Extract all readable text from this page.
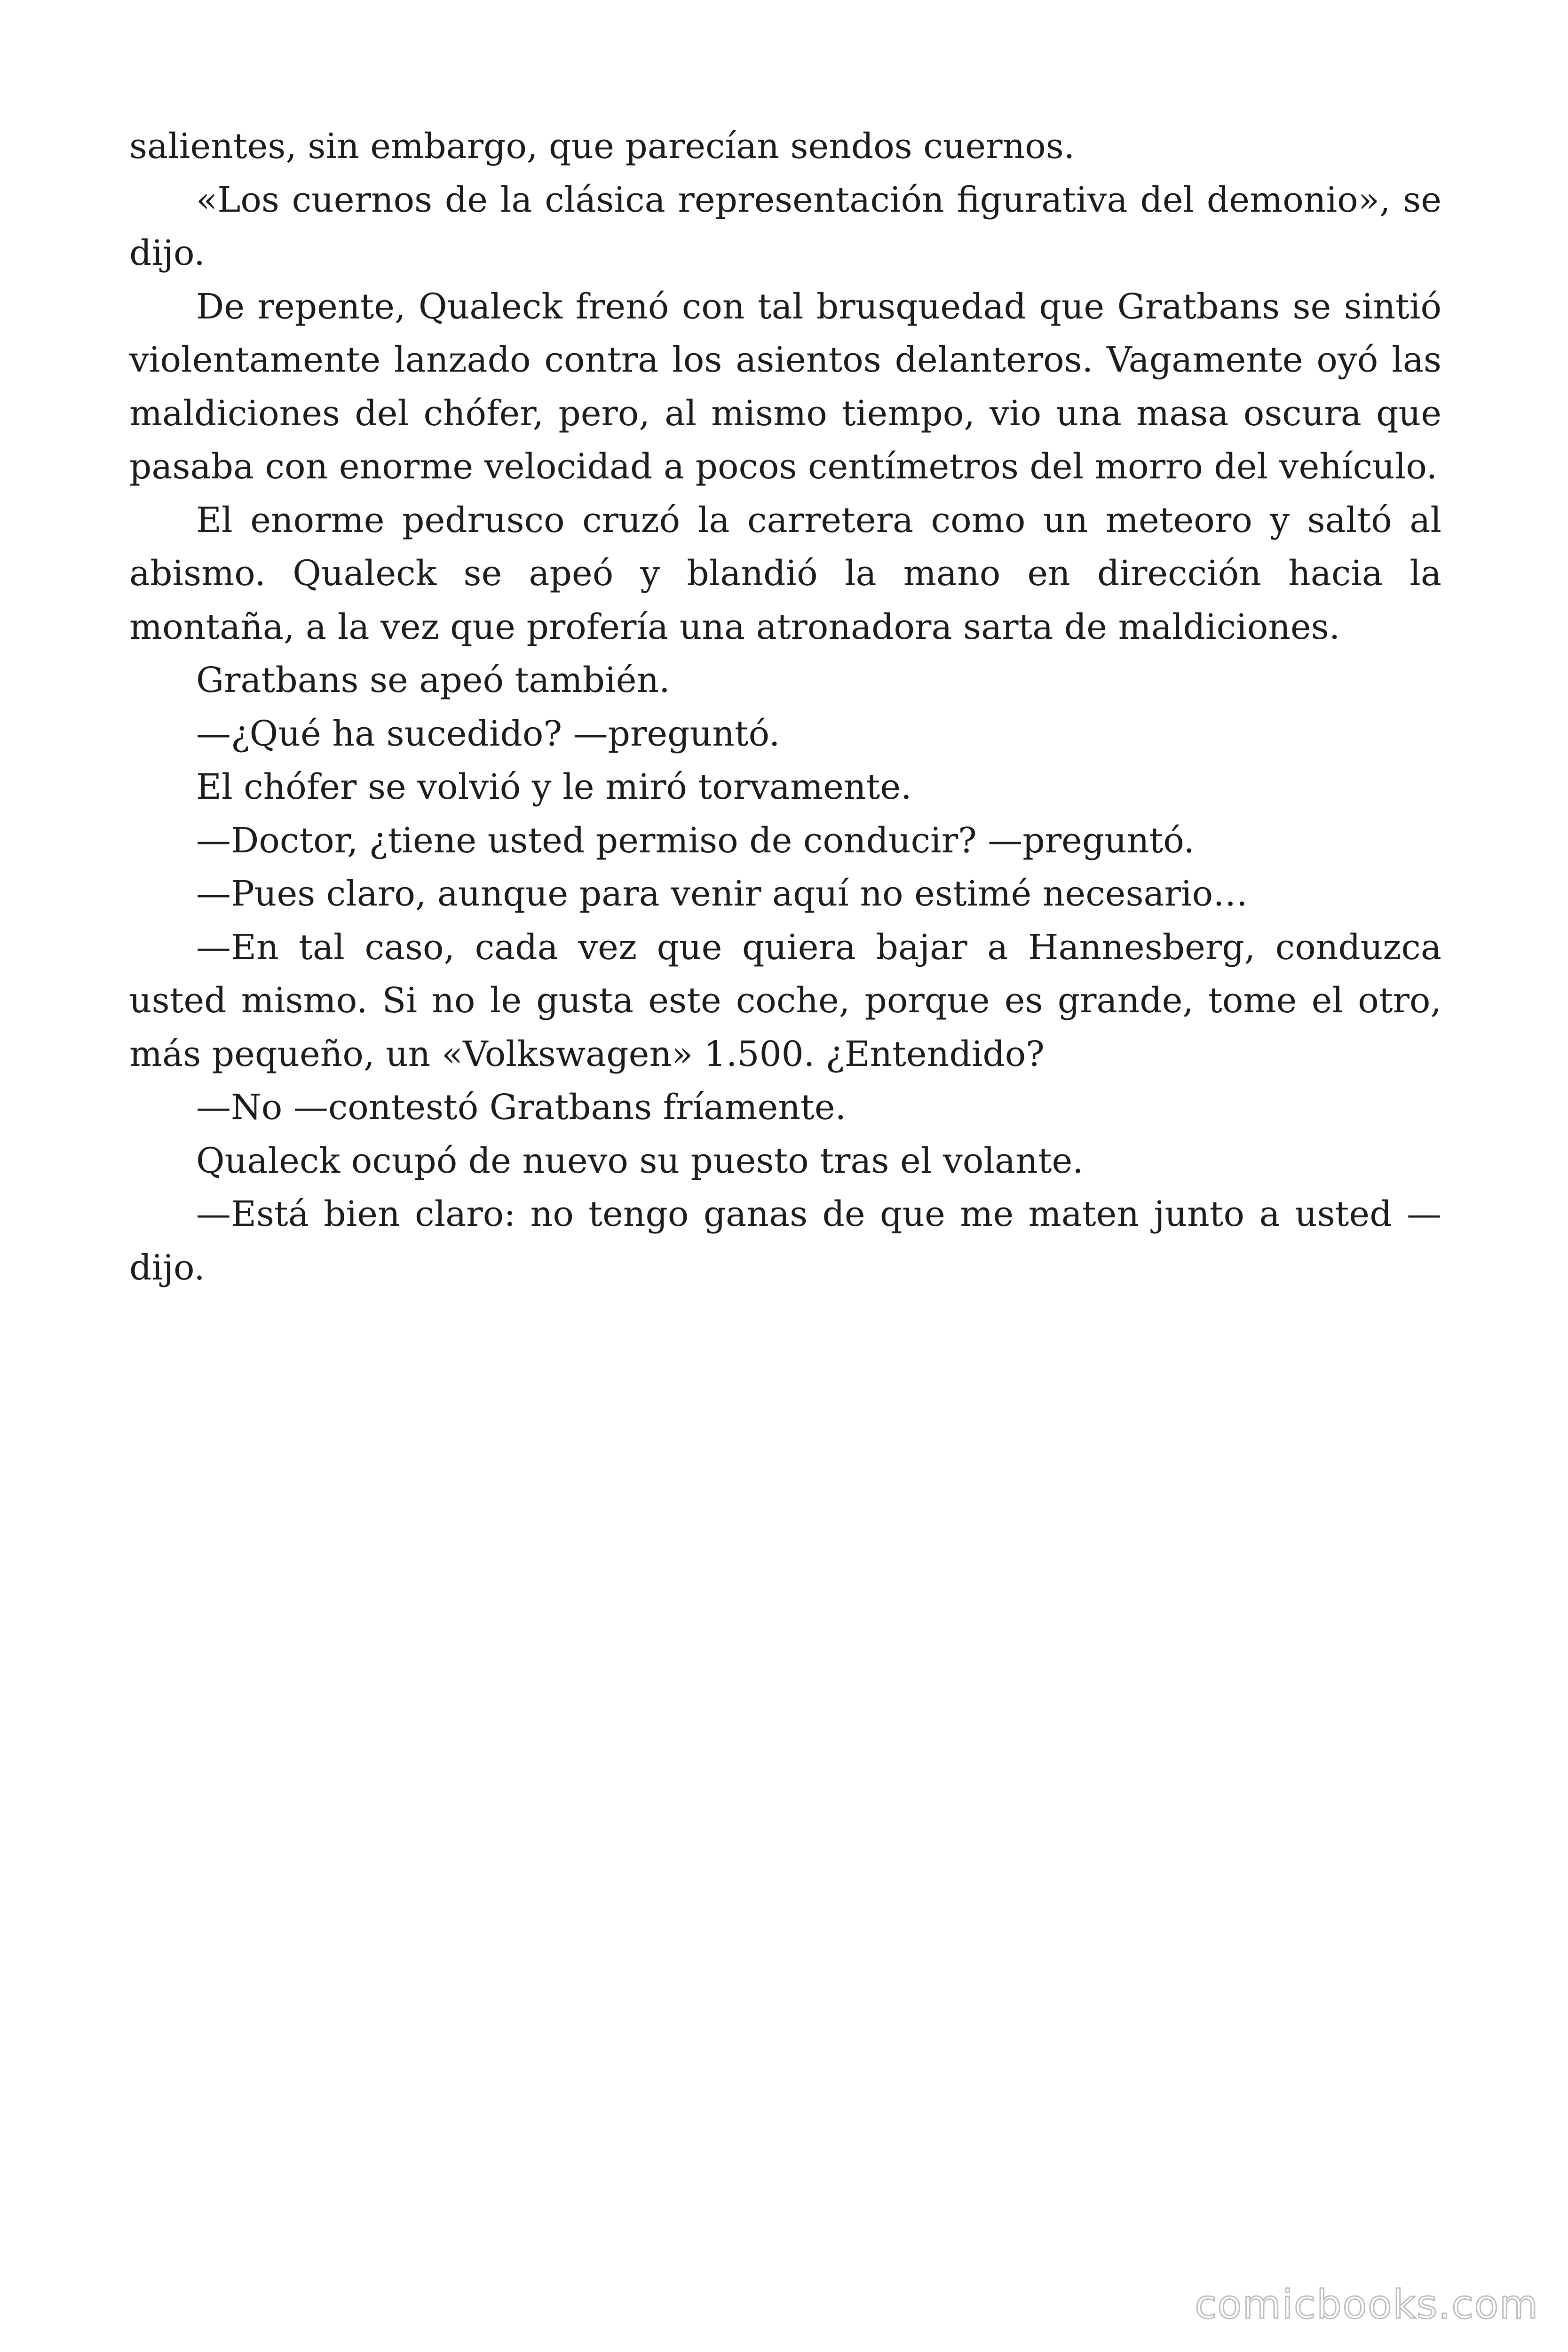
salientes, sin embargo, que parecían sendos cuernos.

«Los cuernos de la clásica representación figurativa del demonio», se dijo.

De repente, Qualeck frenó con tal brusquedad que Gratbans se sintió violentamente lanzado contra los asientos delanteros. Vagamente oyó las maldiciones del chófer, pero, al mismo tiempo, vio una masa oscura que pasaba con enorme velocidad a pocos centímetros del morro del vehículo.

El enorme pedrusco cruzó la carretera como un meteoro y saltó al abismo. Qualeck se apeó y blandió la mano en dirección hacia la montaña, a la vez que profería una atronadora sarta de maldiciones.

Gratbans se apeó también.

—¿Qué ha sucedido? —preguntó.

El chófer se volvió y le miró torvamente.

—Doctor, ¿tiene usted permiso de conducir? —preguntó.

—Pues claro, aunque para venir aquí no estimé necesario…

—En tal caso, cada vez que quiera bajar a Hannesberg, conduzca usted mismo. Si no le gusta este coche, porque es grande, tome el otro, más pequeño, un «Volkswagen» 1.500. ¿Entendido?

—No —contestó Gratbans fríamente.

Qualeck ocupó de nuevo su puesto tras el volante.

—Está bien claro: no tengo ganas de que me maten junto a usted —dijo.

comicbooks.com
